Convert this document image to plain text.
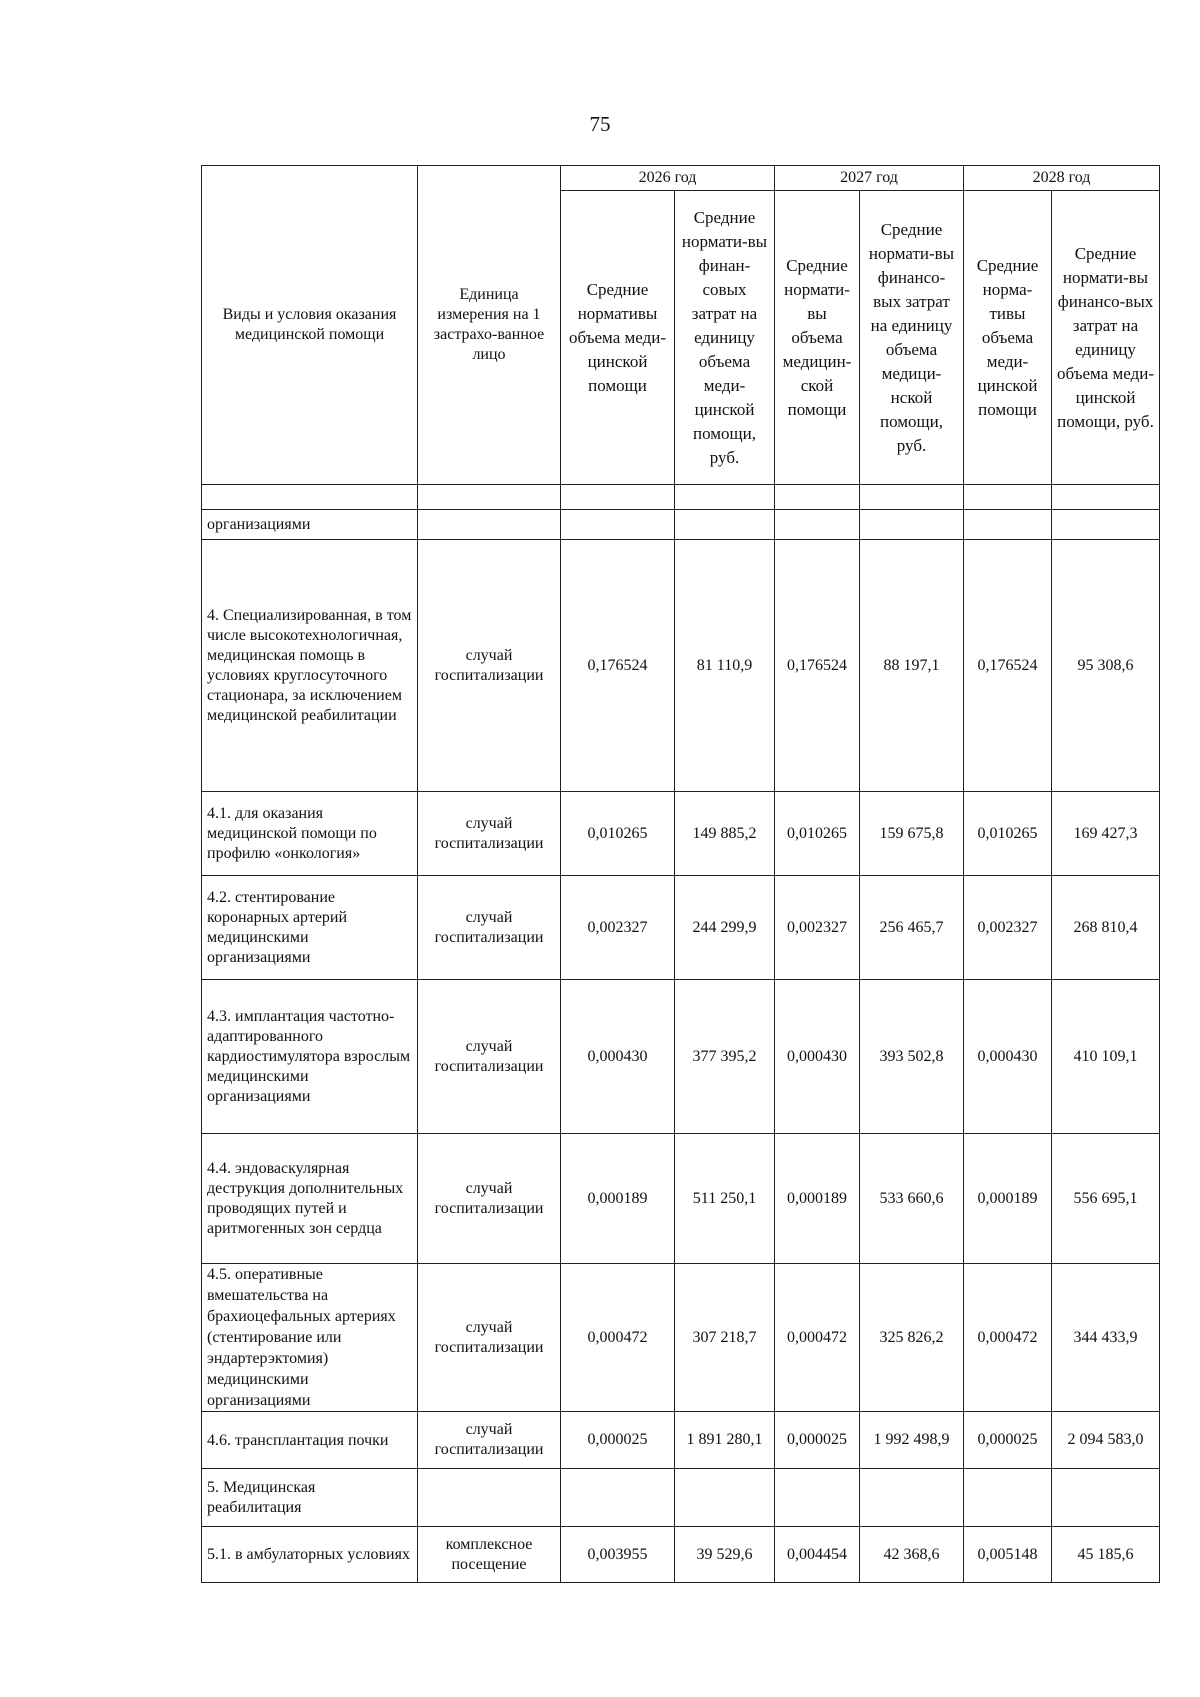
75
Виды и условия оказания медицинской помощи	Единица измерения на 1 застрахо-ванное лицо	2026 год		2027 год		2028 год	
		Средние нормативы объема меди-цинской помощи	Средние нормати-вы финан-совых затрат на единицу объема меди-цинской помощи, руб.	Средние нормати-вы объема медицин-ской помощи	Средние нормати-вы финансо-вых затрат на единицу объема медици-нской помощи, руб.	Средние норма-тивы объема меди-цинской помощи	Средние нормати-вы финансо-вых затрат на единицу объема меди-цинской помощи, руб.

организациями							
4. Специализированная, в том числе высокотехнологичная, медицинская помощь в условиях круглосуточного стационара, за исключением медицинской реабилитации	случай госпитализации	0,176524	81 110,9	0,176524	88 197,1	0,176524	95 308,6
4.1. для оказания медицинской помощи по профилю «онкология»	случай госпитализации	0,010265	149 885,2	0,010265	159 675,8	0,010265	169 427,3
4.2. стентирование коронарных артерий медицинскими организациями	случай госпитализации	0,002327	244 299,9	0,002327	256 465,7	0,002327	268 810,4
4.3. имплантация частотно-адаптированного кардиостимулятора взрослым медицинскими организациями	случай госпитализации	0,000430	377 395,2	0,000430	393 502,8	0,000430	410 109,1
4.4. эндоваскулярная деструкция дополнительных проводящих путей и аритмогенных зон сердца	случай госпитализации	0,000189	511 250,1	0,000189	533 660,6	0,000189	556 695,1
4.5. оперативные вмешательства на брахиоцефальных артериях (стентирование или эндартерэктомия) медицинскими организациями	случай госпитализации	0,000472	307 218,7	0,000472	325 826,2	0,000472	344 433,9
4.6. трансплантация почки	случай госпитализации	0,000025	1 891 280,1	0,000025	1 992 498,9	0,000025	2 094 583,0
5. Медицинская реабилитация							
5.1. в амбулаторных условиях	комплексное посещение	0,003955	39 529,6	0,004454	42 368,6	0,005148	45 185,6
